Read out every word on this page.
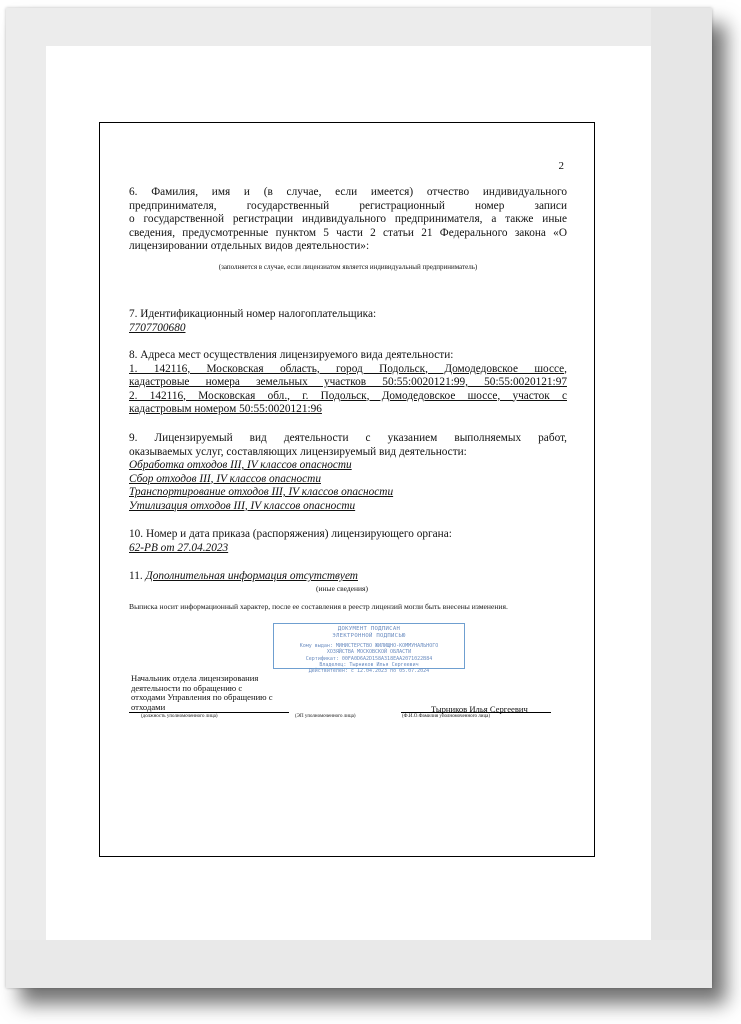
2

6. Фамилия, имя и (в случае, если имеется) отчество индивидуального

предпринимателя, государственный регистрационный номер записи

о государственной регистрации индивидуального предпринимателя, а также иные

сведения, предусмотренные пунктом 5 части 2 статьи 21 Федерального закона «О

лицензировании отдельных видов деятельности»:

(заполняется в случае, если лицензиатом является индивидуальный предприниматель)

7. Идентификационный номер налогоплательщика:

7707700680

8. Адреса мест осуществления лицензируемого вида деятельности:

1. 142116, Московская область, город Подольск, Домодедовское шоссе,

кадастровые номера земельных участков 50:55:0020121:99, 50:55:0020121:97

2. 142116, Московская обл., г. Подольск, Домодедовское шоссе, участок с

кадастровым номером 50:55:0020121:96

9. Лицензируемый вид деятельности с указанием выполняемых работ,

оказываемых услуг, составляющих лицензируемый вид деятельности:

Обработка отходов III, IV классов опасности

Сбор отходов III, IV классов опасности

Транспортирование отходов III, IV классов опасности

Утилизация отходов III, IV классов опасности

10. Номер и дата приказа (распоряжения) лицензирующего органа:

62-РВ от 27.04.2023

11. Дополнительная информация отсутствует

(иные сведения)

Выписка носит информационный характер, после ее составления в реестр лицензий могли быть внесены изменения.

ДОКУМЕНТ ПОДПИСАН
ЭЛЕКТРОННОЙ ПОДПИСЬЮ
Кому выдан: МИНИСТЕРСТВО ЖИЛИЩНО-КОММУНАЛЬНОГО
ХОЗЯЙСТВА МОСКОВСКОЙ ОБЛАСТИ
Сертификат: 00FA0D6A2D158A318EAA2071022B84
Владелец: Тырников Илья Сергеевич
Действителен: с 12.04.2023 по 05.07.2024
Начальник отдела лицензирования
деятельности по обращению с
отходами Управления по обращению с
отходами
(должность уполномоченного лица)	(ЭП уполномоченного лица)
Тырников Илья Сергеевич
(Ф.И.О.Фамилия уполномоченного лица)
